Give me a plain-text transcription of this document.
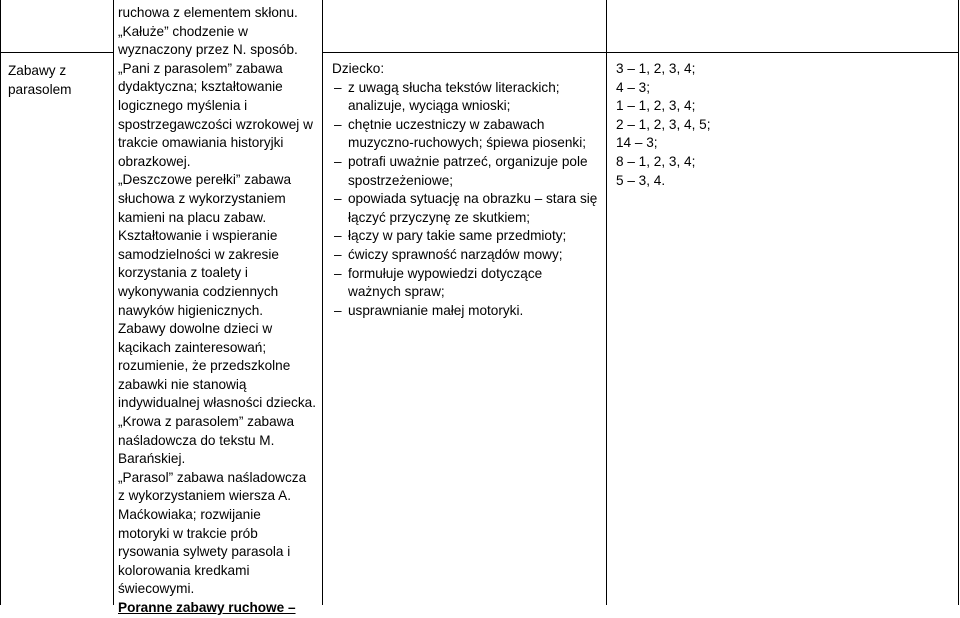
Zabawy z parasolem

ruchowa z elementem skłonu.

„Kałuże” chodzenie w

wyznaczony przez N. sposób.

„Pani z parasolem” zabawa

dydaktyczna; kształtowanie

logicznego myślenia i

spostrzegawczości wzrokowej w

trakcie omawiania historyjki

obrazkowej.

„Deszczowe perełki” zabawa

słuchowa z wykorzystaniem

kamieni na placu zabaw.

Kształtowanie i wspieranie

samodzielności w zakresie

korzystania z toalety i

wykonywania codziennych

nawyków higienicznych.

Zabawy dowolne dzieci w

kącikach zainteresowań;

rozumienie, że przedszkolne

zabawki nie stanowią

indywidualnej własności dziecka.

„Krowa z parasolem” zabawa

naśladowcza do tekstu M.

Barańskiej.

„Parasol” zabawa naśladowcza

z wykorzystaniem wiersza A.

Maćkowiaka; rozwijanie

motoryki w trakcie prób

rysowania sylwety parasola i

kolorowania kredkami

świecowymi.

Poranne zabawy ruchowe –

Dziecko:

– z uwagą słucha tekstów literackich;
analizuje, wyciąga wnioski;
– chętnie uczestniczy w zabawach
muzyczno-ruchowych; śpiewa piosenki;
– potrafi uważnie patrzeć, organizuje pole
spostrzeżeniowe;
– opowiada sytuację na obrazku – stara się
łączyć przyczynę ze skutkiem;
– łączy w pary takie same przedmioty;
– ćwiczy sprawność narządów mowy;
– formułuje wypowiedzi dotyczące
ważnych spraw;
– usprawnianie małej motoryki.

3 – 1, 2, 3, 4;

4 – 3;

1 – 1, 2, 3, 4;

2 – 1, 2, 3, 4, 5;

14 – 3;

8 – 1, 2, 3, 4;

5 – 3, 4.
